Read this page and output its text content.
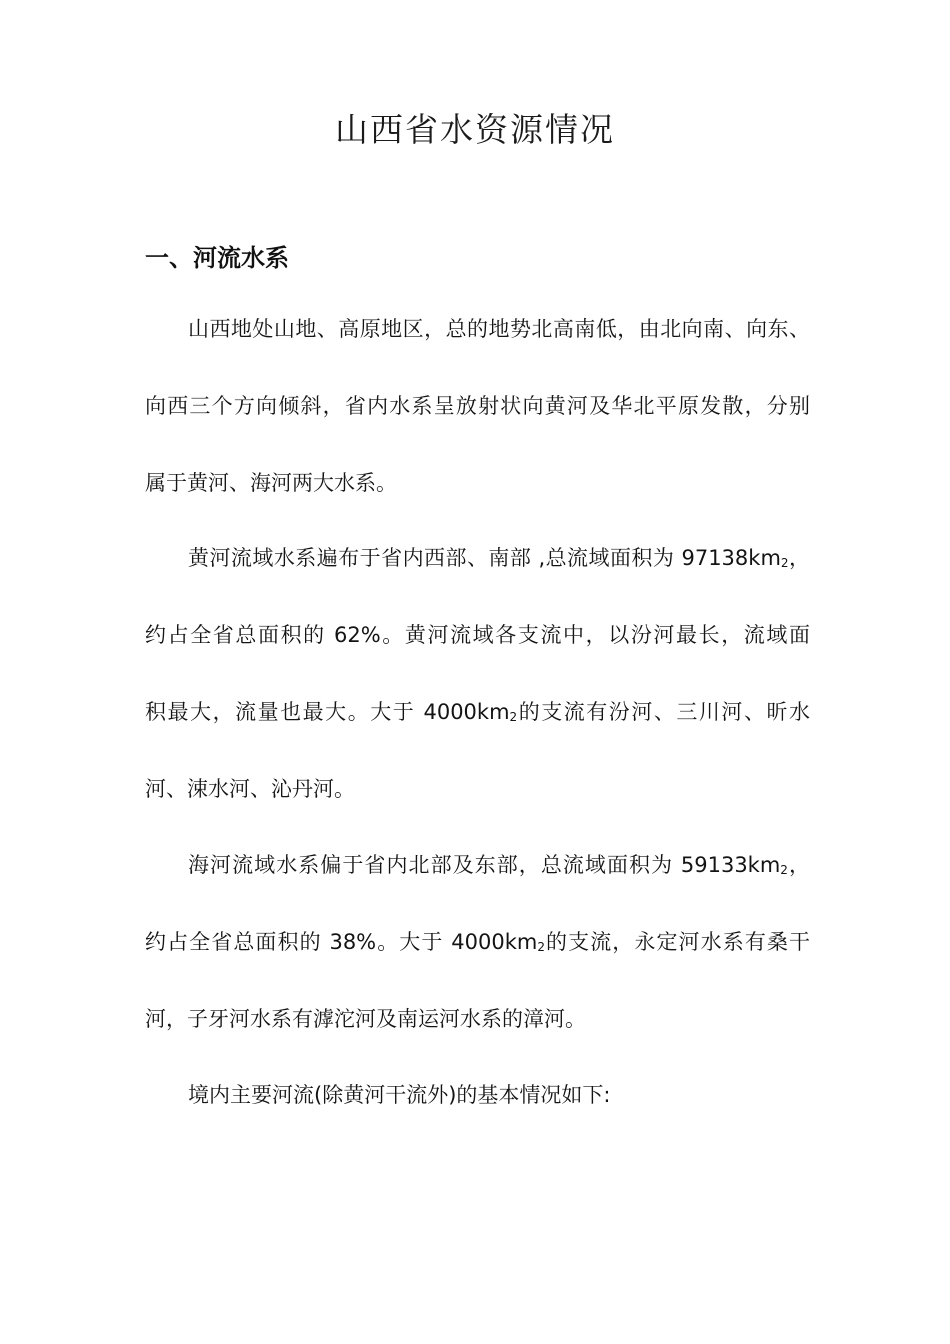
山西省水资源情况
一、河流水系
山西地处山地、高原地区，总的地势北高南低，由北向南、向东、
向西三个方向倾斜，省内水系呈放射状向黄河及华北平原发散，分别
属于黄河、海河两大水系。
黄河流域水系遍布于省内西部、南部 ,总流域面积为 $97138km_2$，
约占全省总面积的 62%。黄河流域各支流中，以汾河最长，流域面
积最大，流量也最大。大于 $4000km_2$的支流有汾河、三川河、昕水
河、涑水河、沁丹河。
海河流域水系偏于省内北部及东部，总流域面积为 $59133km_2$，
约占全省总面积的 38%。大于 $4000km_2$的支流，永定河水系有桑干
河，子牙河水系有滹沱河及南运河水系的漳河。
境内主要河流(除黄河干流外)的基本情况如下:
